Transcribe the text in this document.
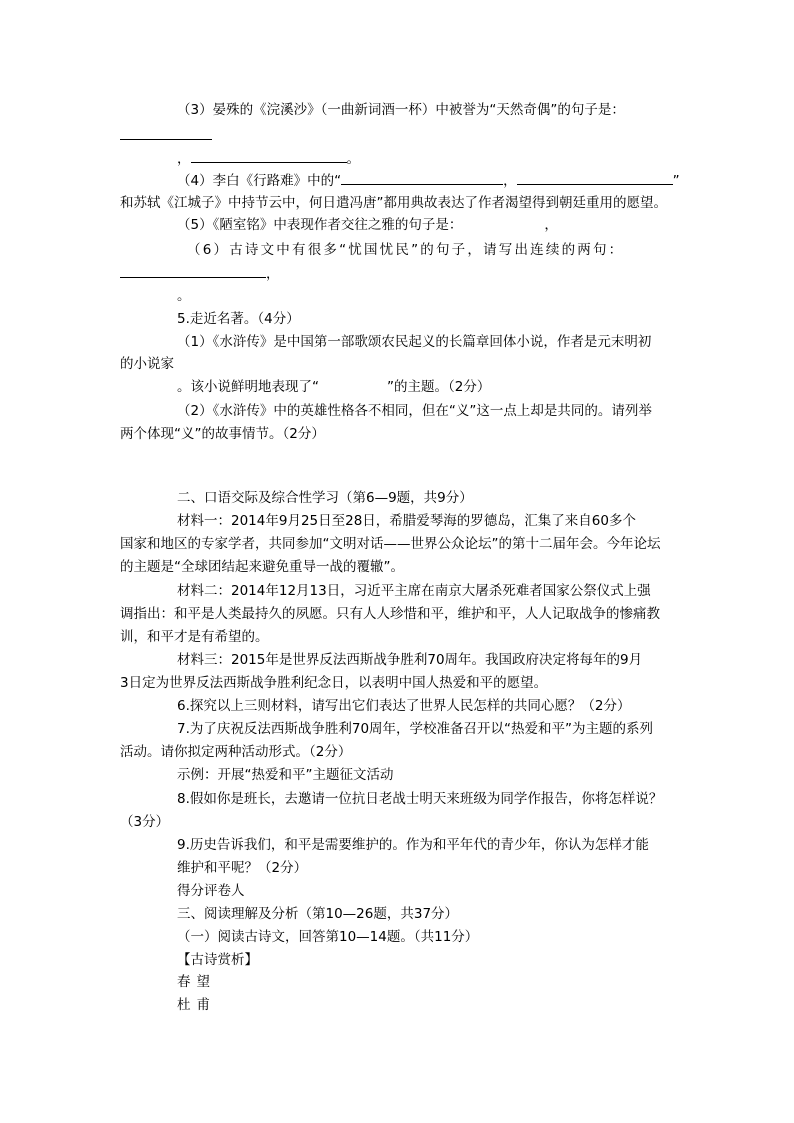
（3）晏殊的《浣溪沙》（一曲新词酒一杯）中被誉为“天然奇偶”的句子是：
，	。
（4）李白《行路难》中的“	，	”
和苏轼《江城子》中持节云中，何日遣冯唐”都用典故表达了作者渴望得到朝廷重用的愿望。
（5）《陋室铭》中表现作者交往之雅的句子是：	，
（6）古诗文中有很多“忧国忧民”的句子，请写出连续的两句：
，
。
5.走近名著。（4分）
（1）《水浒传》是中国第一部歌颂农民起义的长篇章回体小说，作者是元末明初
的小说家
。该小说鲜明地表现了“	”的主题。（2分）
（2）《水浒传》中的英雄性格各不相同，但在“义”这一点上却是共同的。请列举
两个体现“义”的故事情节。（2分）
二、口语交际及综合性学习（第6—9题，共9分）
材料一：2014年9月25日至28日，希腊爱琴海的罗德岛，汇集了来自60多个
国家和地区的专家学者，共同参加“文明对话——世界公众论坛”的第十二届年会。今年论坛
的主题是“全球团结起来避免重导一战的覆辙”。
材料二：2014年12月13日，习近平主席在南京大屠杀死难者国家公祭仪式上强
调指出：和平是人类最持久的夙愿。只有人人珍惜和平，维护和平，人人记取战争的惨痛教
训，和平才是有希望的。
材料三：2015年是世界反法西斯战争胜利70周年。我国政府决定将每年的9月
3日定为世界反法西斯战争胜利纪念日，以表明中国人热爱和平的愿望。
6.探究以上三则材料，请写出它们表达了世界人民怎样的共同心愿？（2分）
7.为了庆祝反法西斯战争胜利70周年，学校准备召开以“热爱和平”为主题的系列
活动。请你拟定两种活动形式。（2分）
示例：开展“热爱和平”主题征文活动
8.假如你是班长，去邀请一位抗日老战士明天来班级为同学作报告，你将怎样说？
（3分）
9.历史告诉我们，和平是需要维护的。作为和平年代的青少年，你认为怎样才能
维护和平呢？（2分）
得分评卷人
三、阅读理解及分析（第10—26题，共37分）
（一）阅读古诗文，回答第10—14题。（共11分）
【古诗赏析】
春望
杜甫
